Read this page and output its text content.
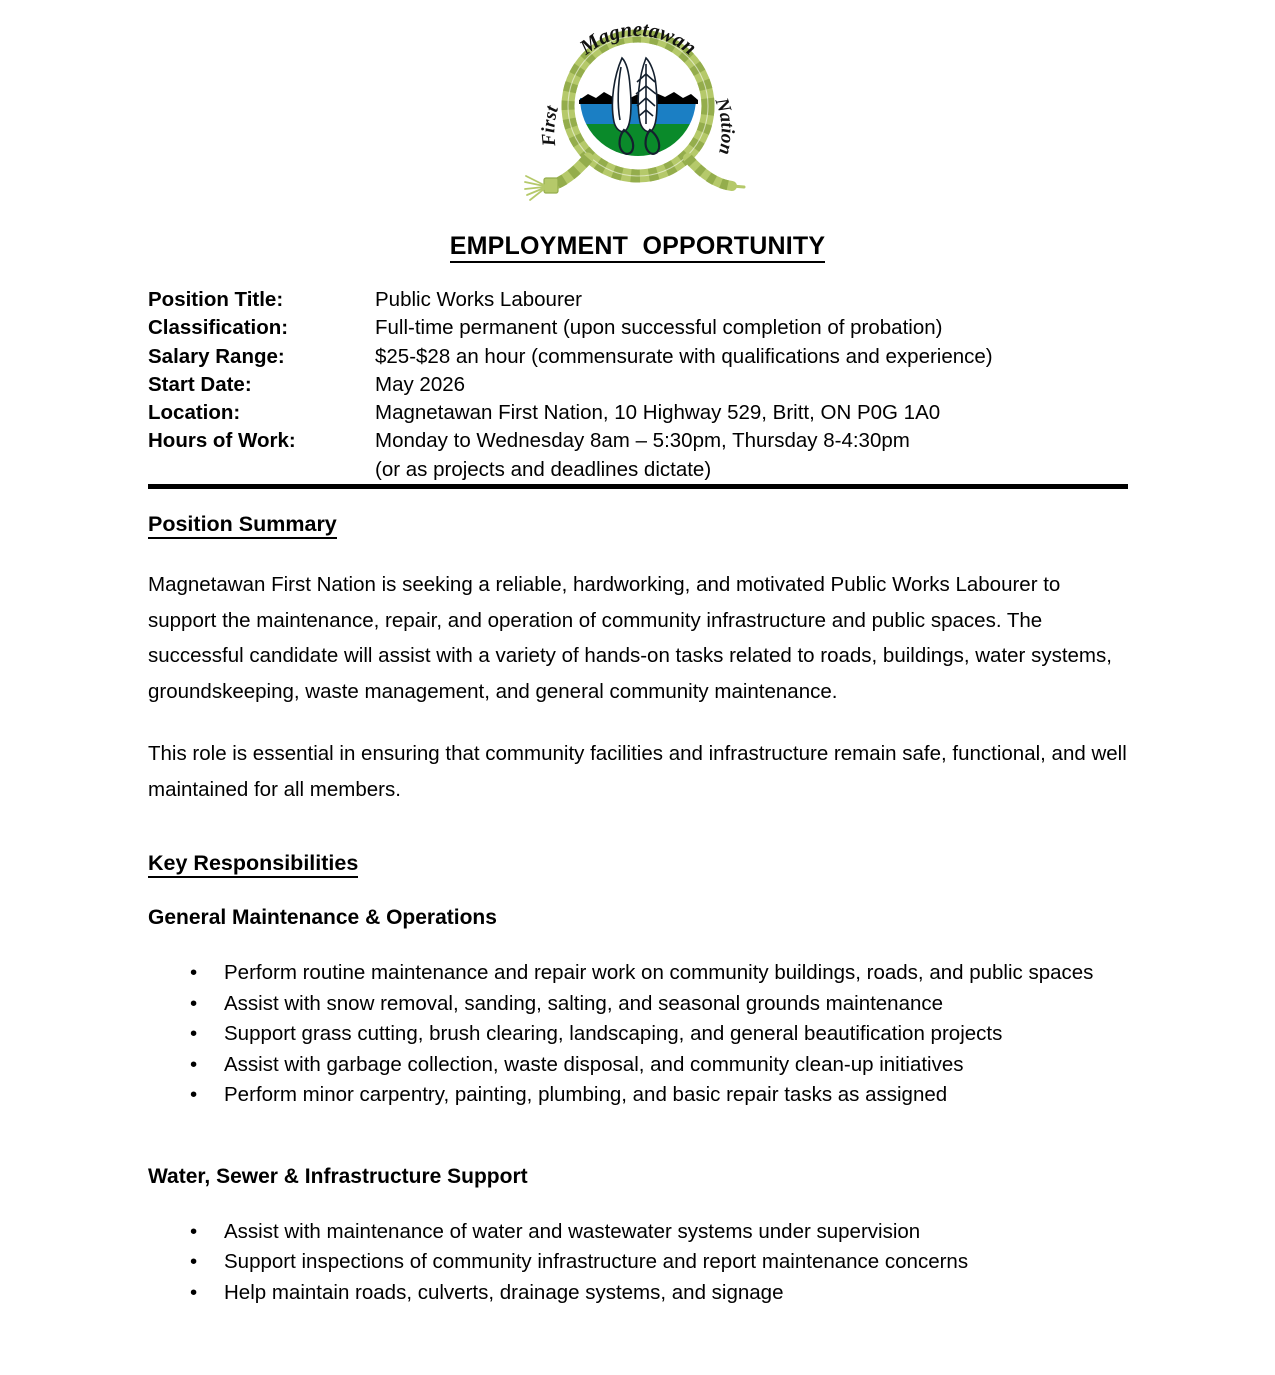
Magnetawan
First	Nation
EMPLOYMENT  OPPORTUNITY
Position Title:	Public Works Labourer
Classification:	Full-time permanent (upon successful completion of probation)
Salary Range:	$25-$28 an hour (commensurate with qualifications and experience)
Start Date:	May 2026
Location:	Magnetawan First Nation, 10 Highway 529, Britt, ON P0G 1A0
Hours of Work:	Monday to Wednesday 8am – 5:30pm, Thursday 8-4:30pm
(or as projects and deadlines dictate)
Position Summary

Magnetawan First Nation is seeking a reliable, hardworking, and motivated Public Works Labourer to support the maintenance, repair, and operation of community infrastructure and public spaces. The successful candidate will assist with a variety of hands-on tasks related to roads, buildings, water systems, groundskeeping, waste management, and general community maintenance.

This role is essential in ensuring that community facilities and infrastructure remain safe, functional, and well maintained for all members.

Key Responsibilities
General Maintenance & Operations
• Perform routine maintenance and repair work on community buildings, roads, and public spaces
• Assist with snow removal, sanding, salting, and seasonal grounds maintenance
• Support grass cutting, brush clearing, landscaping, and general beautification projects
• Assist with garbage collection, waste disposal, and community clean-up initiatives
• Perform minor carpentry, painting, plumbing, and basic repair tasks as assigned
Water, Sewer & Infrastructure Support
• Assist with maintenance of water and wastewater systems under supervision
• Support inspections of community infrastructure and report maintenance concerns
• Help maintain roads, culverts, drainage systems, and signage
